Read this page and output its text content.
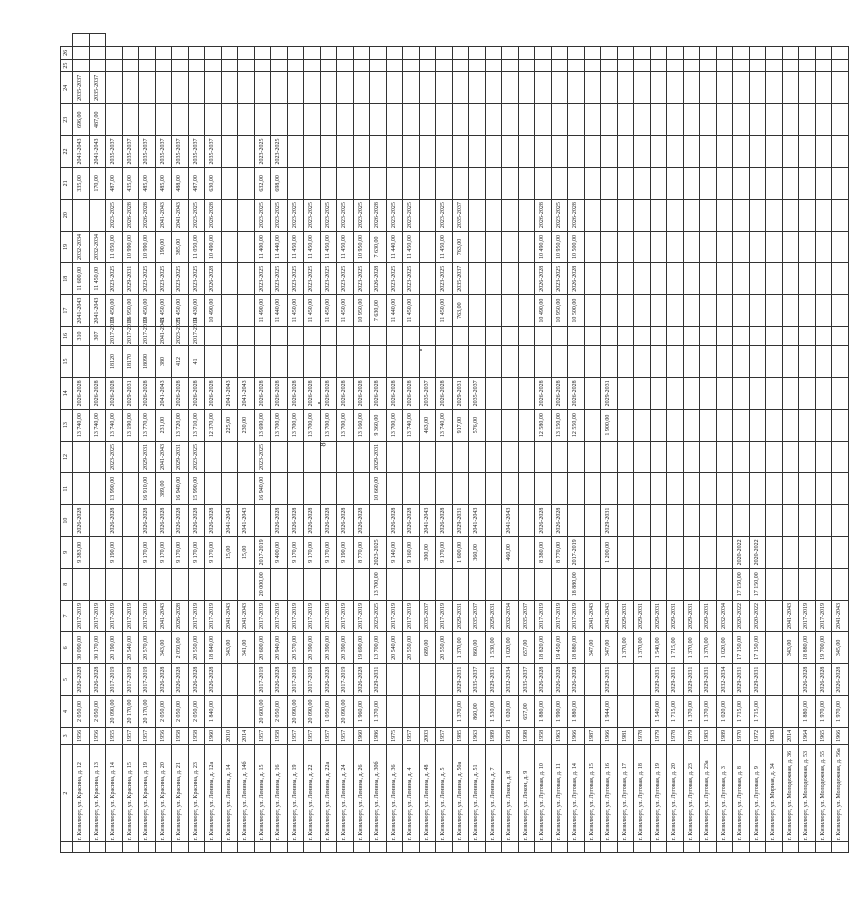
	2	3	4	5	6	7	8	9	10	11	12	13	14	15	16	17	18	19	20	21	22	23	24	25	26	
	г. Кизилюрт, ул. Красина, д. 12	1956	2 050,00	2026-2028	30 090,00	2017-2019		9 383,00	2026-2028			13 740,00	2026-2028		310	2041-2043	11 600,00	2032-2034		335,00	2041-2043	696,00	2035-2037			
	г. Кизилюрт, ул. Красина, д. 13	1956	2 050,00	2026-2028	30 170,00	2017-2019						13 740,00	2026-2028		307	2041-2043	11 450,00	2032-2034		170,00	2041-2043	487,00	2035-2037			
	г. Кизилюрт, ул. Красина, д. 14	1955	20 090,00	2017-2019	20 190,00	2017-2019		9 190,00	2026-2028	13 990,00	2023-2025	13 740,00	2026-2028	18120	2017-2019	13 450,00	2023-2025	11 050,00	2023-2025	487,00	2035-2037					
	г. Кизилюрт, ул. Красина, д. 15	1957	20 170,00	2017-2019	20 540,00	2017-2019						13 190,00	2029-2031	18170	2017-2019	16 950,00	2029-2031	10 990,00	2026-2028	435,00	2035-2037					
	г. Кизилюрт, ул. Красина, д. 19	1957	20 170,00	2017-2019	20 570,00	2017-2019		9 170,00	2026-2028	16 910,00	2029-2031	13 770,00	2026-2028	18090	2017-2019	13 450,00	2023-2025	10 990,00	2026-2028	485,00	2035-2037					
	г. Кизилюрт, ул. Красина, д. 20	1956	2 050,00	2026-2028	343,00	2041-2043		9 170,00	2026-2028	389,00	2041-2043	231,00	2041-2043	380	2041-2043	11 450,00	2023-2025	190,00	2041-2043	485,00	2035-2037					
	г. Кизилюрт, ул. Красина, д. 21	1958	2 050,00	2026-2028	2 050,00	2026-2028		9 170,00	2026-2028	16 940,00	2029-2031	13 720,00	2026-2028	412	2023-2025	11 450,00	2023-2025	385,00	2041-2043	488,00	2035-2037					
	г. Кизилюрт, ул. Красина, д. 23	1958	2 050,00	2026-2028	20 550,00	2017-2019		9 170,00	2026-2028	15 990,00	2023-2025	13 710,00	2026-2028	41	2017-2019	11 430,00	2023-2025	11 050,00	2023-2025	487,00	2035-2037					
	г. Кизилюрт, ул. Ленина, д. 12а	1960	1 840,00	2026-2028	18 840,00	2017-2019		9 170,00	2026-2028			12 370,00	2026-2028			10 490,00	2026-2028	10 490,00	2026-2028	630,00	2035-2037					
	г. Кизилюрт, ул. Ленина, д. 14	2010			343,00	2041-2043		15,00	2041-2043			225,00	2041-2043													
	г. Кизилюрт, ул. Ленина, д. 14б	2014			341,00	2041-2043		15,00	2041-2043			230,00	2041-2043													
	г. Кизилюрт, ул. Ленина, д. 15	1957	20 600,00	2017-2019	20 600,00	2017-2019	20 000,00	2017-2019		16 940,00	2023-2025	13 690,00	2026-2028			11 490,00	2023-2025	11 400,00	2023-2025	632,00	2023-2025					
	г. Кизилюрт, ул. Ленина, д. 16	1958	2 050,00	2026-2028	20 940,00	2017-2019		9 400,00	2026-2028			13 700,00	2026-2028			11 440,00	2023-2025	11 440,00	2023-2025	698,00	2023-2025					
	г. Кизилюрт, ул. Ленина, д. 19	1957	20 090,00	2017-2019	20 570,00	2017-2019		9 170,00	2026-2028			13 700,00	2026-2028			11 450,00	2023-2025	11 450,00	2023-2025							
	г. Кизилюрт, ул. Ленина, д. 22	1957	20 090,00	2017-2019	20 390,00	2017-2019		9 170,00	2026-2028			13 700,00	2026-2028			11 450,00	2023-2025	11 450,00	2023-2025							
	г. Кизилюрт, ул. Ленина, д. 22а	1957	1 050,00	2026-2028	20 390,00	2017-2019		9 170,00	2026-2028			13 700,00	2026-2028			11 450,00	2023-2025	11 450,00	2023-2025							
	г. Кизилюрт, ул. Ленина, д. 24	1957	20 090,00	2017-2019	20 390,00	2017-2019		9 190,00	2026-2028			13 700,00	2026-2028			11 450,00	2023-2025	11 450,00	2023-2025							
	г. Кизилюрт, ул. Ленина, д. 26	1960	1 960,00	2026-2028	19 690,00	2017-2019		8 770,00	2026-2028			13 160,00	2026-2028			10 950,00	2023-2025	10 950,00	2023-2025							
	г. Кизилюрт, ул. Ленина, д. 30б	1986	1 370,00	2029-2031	13 700,00	2023-2025	13 700,00	2023-2025		10 660,00	2029-2031	9 360,00	2026-2028			7 630,00	2026-2028	7 630,00	2026-2028							
	г. Кизилюрт, ул. Ленина, д. 36	1975			20 540,00	2017-2019		9 140,00	2026-2028			13 700,00	2026-2028			11 440,00	2023-2025	11 440,00	2023-2025							
	г. Кизилюрт, ул. Ленина, д. 4	1957			20 550,00	2017-2019		9 160,00	2026-2028			13 740,00	2026-2028			11 450,00	2023-2025	11 450,00	2023-2025							
	г. Кизилюрт, ул. Ленина, д. 48	2003			689,00	2035-2037		300,00	2041-2043			463,00	2035-2037													
	г. Кизилюрт, ул. Ленина, д. 5	1957			20 550,00	2017-2019		9 170,00	2026-2028			13 740,00	2026-2028			11 450,00	2023-2025	11 450,00	2023-2025							
	г. Кизилюрт, ул. Ленина, д. 50а	1985	1 370,00	2029-2031	1 370,00	2029-2031		1 600,00	2029-2031			917,00	2029-2031			763,00	2035-2037	763,00	2035-2037							
	г. Кизилюрт, ул. Ленина, д. 51	1963	860,00	2035-2037	860,00	2035-2037		360,00	2041-2043			576,00	2035-2037													
	г. Кизилюрт, ул. Ленина, д. 7	1989	1 530,00	2029-2031	1 530,00	2029-2031																				
	г. Кизилюрт, ул. Локон, д. 8	1958	1 020,00	2032-2034	1 020,00	2032-2034		460,00	2041-2043																	
	г. Кизилюрт, ул. Локон, д. 9	1998	657,00	2035-2037	657,00	2035-2037																				
	г. Кизилюрт, ул. Луговая, д. 10	1958	1 880,00	2026-2028	18 820,00	2017-2019		8 380,00	2026-2028			12 580,00	2026-2028			10 490,00	2026-2028	10 490,00	2026-2028							
	г. Кизилюрт, ул. Луговая, д. 11	1963	1 990,00	2026-2028	19 450,00	2017-2019		8 770,00	2026-2028			13 150,00	2026-2028			10 950,00	2023-2025	10 950,00	2023-2025							
	г. Кизилюрт, ул. Луговая, д. 14	1966	1 880,00	2026-2028	18 880,00	2017-2019	18 880,00	2017-2019				12 550,00	2026-2028			10 500,00	2026-2028	10 500,00	2026-2028							
	г. Кизилюрт, ул. Луговая, д. 15	1987			347,00	2041-2043																				
	г. Кизилюрт, ул. Луговая, д. 16	1966	1 944,00	2029-2031	347,00	2041-2043		1 200,00	2029-2031			1 900,00	2029-2031													
	г. Кизилюрт, ул. Луговая, д. 17	1981			1 370,00	2029-2031																				
	г. Кизилюрт, ул. Луговая, д. 18	1978			1 370,00	2029-2031																				
	г. Кизилюрт, ул. Луговая, д. 19	1979	1 540,00	2029-2031	1 540,00	2029-2031																				
	г. Кизилюрт, ул. Луговая, д. 20	1978	1 715,00	2029-2031	1 715,00	2029-2031																				
	г. Кизилюрт, ул. Луговая, д. 23	1979	1 370,00	2029-2031	1 370,00	2029-2031																				
	г. Кизилюрт, ул. Луговая, д. 23а	1983	1 370,00	2029-2031	1 370,00	2029-2031																				
	г. Кизилюрт, ул. Луговая, д. 3	1989	1 020,00	2032-2034	1 020,00	2032-2034																				
	г. Кизилюрт, ул. Луговая, д. 8	1970	1 715,00	2029-2031	17 150,00	2020-2022	17 150,00	2020-2022																		
	г. Кизилюрт, ул. Луговая, д. 9	1972	1 715,00	2029-2031	17 150,00	2020-2022	17 150,00	2020-2022																		
	г. Кизилюрт, ул. Мирная, д. 34	1983																								
	г. Кизилюрт, ул. Молодежная, д. 36	2014			343,00	2041-2043																				
	г. Кизилюрт, ул. Молодежная, д. 53	1964	1 880,00	2026-2028	18 880,00	2017-2019																				
	г. Кизилюрт, ул. Молодежная, д. 55	1965	1 970,00	2026-2028	19 700,00	2017-2019																				
	г. Кизилюрт, ул. Молодежная, д. 56а	1966	1 970,00	2026-2028	345,00	2041-2043																				
8
